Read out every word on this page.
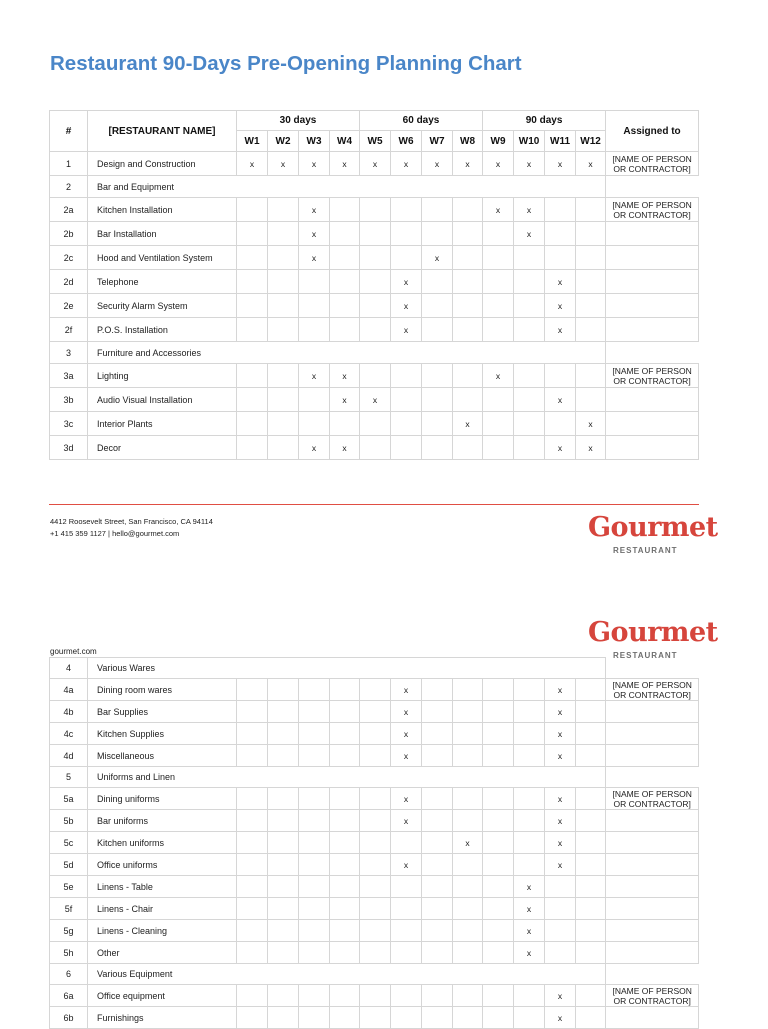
Restaurant 90-Days Pre-Opening Planning Chart
#	[RESTAURANT NAME]	30 days				60 days				90 days				Assigned to
		W1	W2	W3	W4	W5	W6	W7	W8	W9	W10	W11	W12	
1	Design and Construction	x	x	x	x	x	x	x	x	x	x	x	x	[NAME OF PERSON OR CONTRACTOR]
2	Bar and Equipment													
2a	Kitchen Installation			x						x	x			[NAME OF PERSON OR CONTRACTOR]
2b	Bar Installation			x							x			
2c	Hood and Ventilation System			x				x						
2d	Telephone						x					x		
2e	Security Alarm System						x					x		
2f	P.O.S. Installation						x					x		
3	Furniture and Accessories													
3a	Lighting			x	x					x				[NAME OF PERSON OR CONTRACTOR]
3b	Audio Visual Installation				x	x						x		
3c	Interior Plants								x				x	
3d	Decor			x	x							x	x	
4412 Roosevelt Street, San Francisco, CA 94114
+1 415 359 1127 | hello@gourmet.com	Gourmet
RESTAURANT
Gourmet
RESTAURANT
gourmet.com
4	Various Wares													
4a	Dining room wares						x					x		[NAME OF PERSON OR CONTRACTOR]
4b	Bar Supplies						x					x		
4c	Kitchen Supplies						x					x		
4d	Miscellaneous						x					x		
5	Uniforms and Linen													
5a	Dining uniforms						x					x		[NAME OF PERSON OR CONTRACTOR]
5b	Bar uniforms						x					x		
5c	Kitchen uniforms								x			x		
5d	Office uniforms						x					x		
5e	Linens - Table										x			
5f	Linens - Chair										x			
5g	Linens - Cleaning										x			
5h	Other										x			
6	Various Equipment													
6a	Office equipment											x		[NAME OF PERSON OR CONTRACTOR]
6b	Furnishings											x		
